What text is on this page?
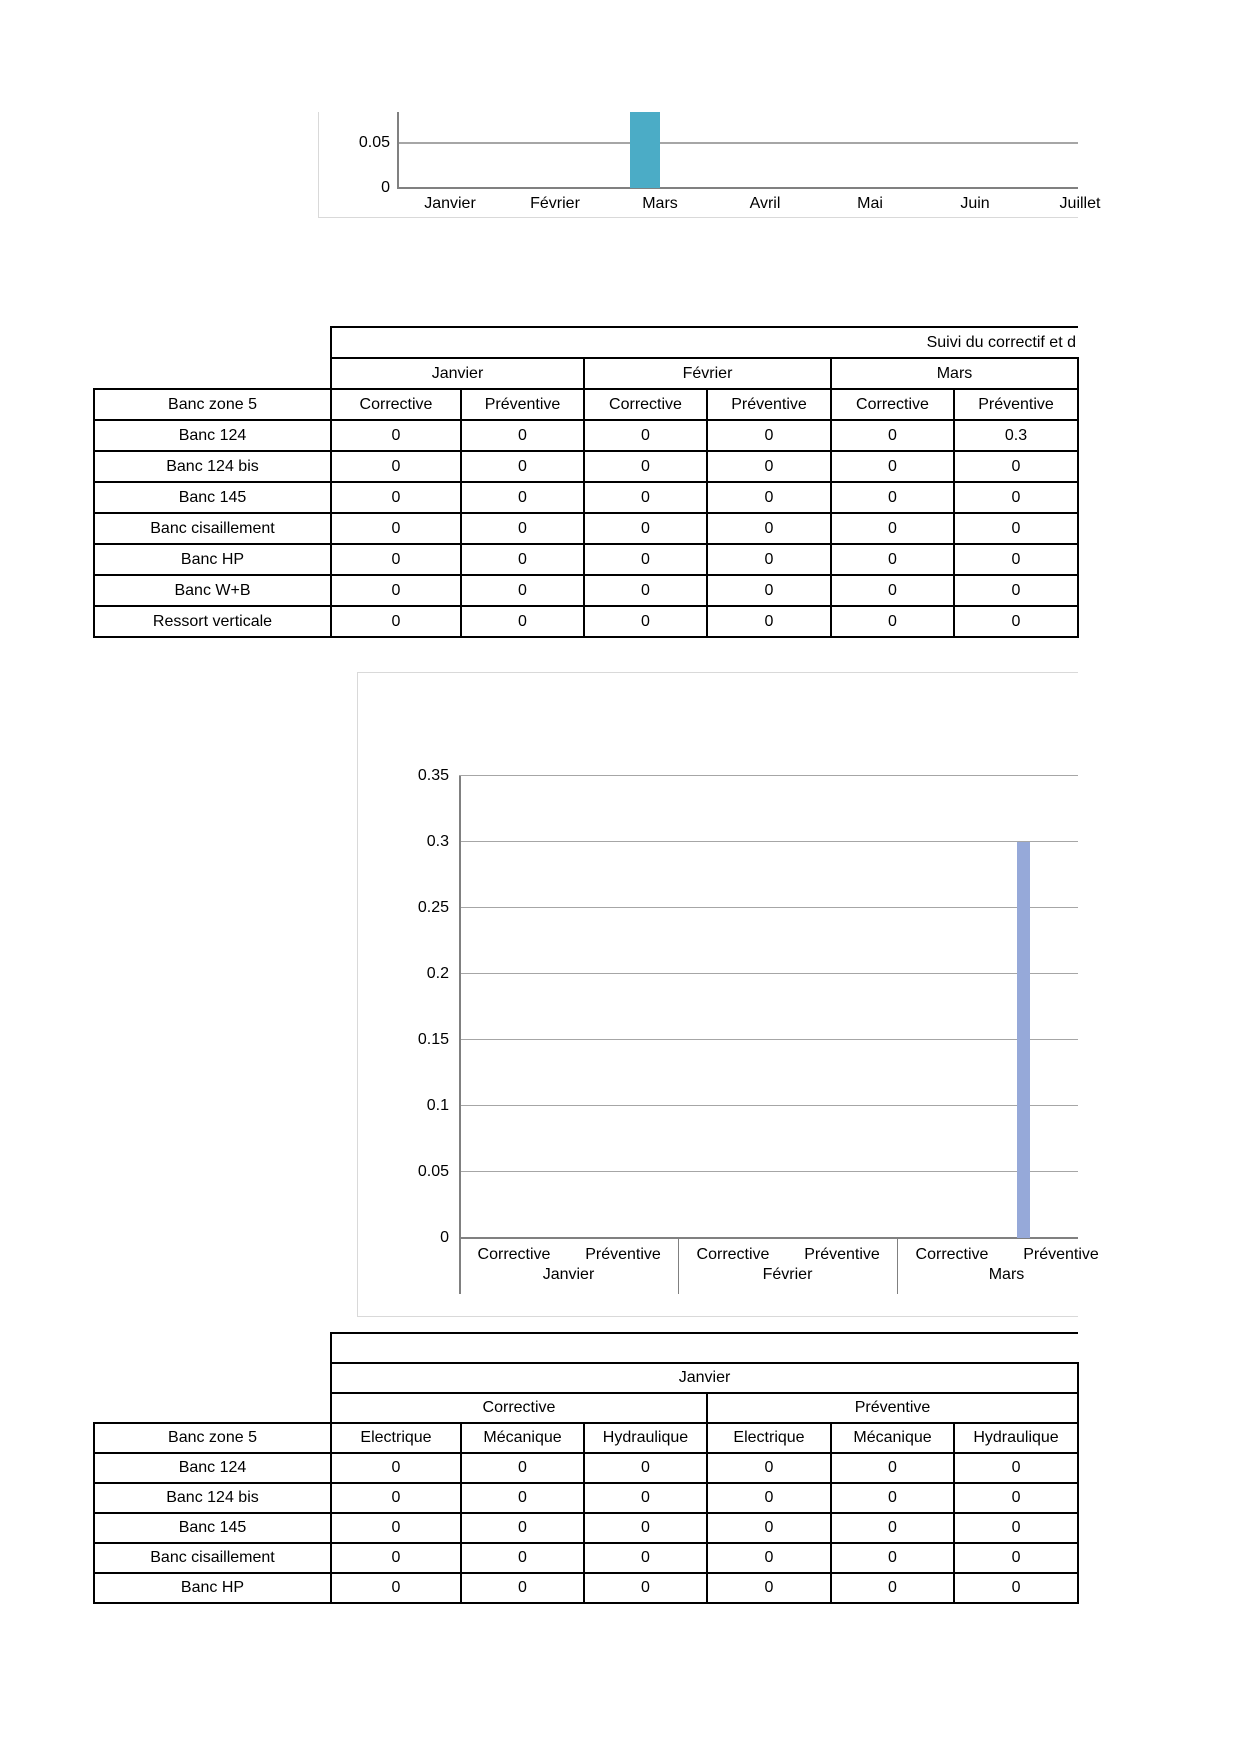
0.05
0
Janvier	Février	Mars	Avril	Mai	Juin	Juillet
	Suivi du correctif et d					
	Janvier		Février		Mars	
Banc zone 5	Corrective	Préventive	Corrective	Préventive	Corrective	Préventive
Banc 124	0	0	0	0	0	0.3
Banc 124 bis	0	0	0	0	0	0
Banc 145	0	0	0	0	0	0
Banc cisaillement	0	0	0	0	0	0
Banc HP	0	0	0	0	0	0
Banc W+B	0	0	0	0	0	0
Ressort verticale	0	0	0	0	0	0
0.35
0.3
0.25
0.2
0.15
0.1
0.05
0
Corrective	Préventive
Janvier
Corrective	Préventive
Février
Corrective	Préventive
Mars

	Janvier					
	Corrective			Préventive		
Banc zone 5	Electrique	Mécanique	Hydraulique	Electrique	Mécanique	Hydraulique
Banc 124	0	0	0	0	0	0
Banc 124 bis	0	0	0	0	0	0
Banc 145	0	0	0	0	0	0
Banc cisaillement	0	0	0	0	0	0
Banc HP	0	0	0	0	0	0
